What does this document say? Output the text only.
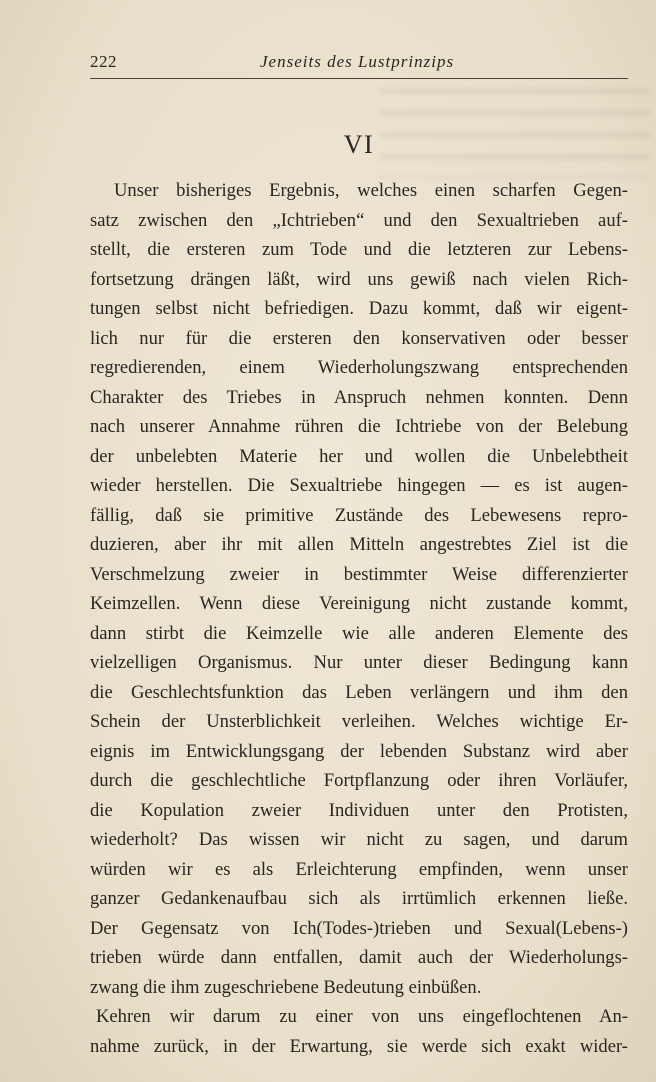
222	Jenseits des Lustprinzips
VI
Unser bisheriges Ergebnis, welches einen scharfen Gegen-
satz zwischen den „Ichtrieben“ und den Sexualtrieben auf-
stellt, die ersteren zum Tode und die letzteren zur Lebens-
fortsetzung drängen läßt, wird uns gewiß nach vielen Rich-
tungen selbst nicht befriedigen. Dazu kommt, daß wir eigent-
lich nur für die ersteren den konservativen oder besser
regredierenden, einem Wiederholungszwang entsprechenden
Charakter des Triebes in Anspruch nehmen konnten. Denn
nach unserer Annahme rühren die Ichtriebe von der Belebung
der unbelebten Materie her und wollen die Unbelebtheit
wieder herstellen. Die Sexualtriebe hingegen — es ist augen-
fällig, daß sie primitive Zustände des Lebewesens repro-
duzieren, aber ihr mit allen Mitteln angestrebtes Ziel ist die
Verschmelzung zweier in bestimmter Weise differenzierter
Keimzellen. Wenn diese Vereinigung nicht zustande kommt,
dann stirbt die Keimzelle wie alle anderen Elemente des
vielzelligen Organismus. Nur unter dieser Bedingung kann
die Geschlechtsfunktion das Leben verlängern und ihm den
Schein der Unsterblichkeit verleihen. Welches wichtige Er-
eignis im Entwicklungsgang der lebenden Substanz wird aber
durch die geschlechtliche Fortpflanzung oder ihren Vorläufer,
die Kopulation zweier Individuen unter den Protisten,
wiederholt? Das wissen wir nicht zu sagen, und darum
würden wir es als Erleichterung empfinden, wenn unser
ganzer Gedankenaufbau sich als irrtümlich erkennen ließe.
Der Gegensatz von Ich(Todes-)trieben und Sexual(Lebens-)
trieben würde dann entfallen, damit auch der Wiederholungs-
zwang die ihm zugeschriebene Bedeutung einbüßen.
Kehren wir darum zu einer von uns eingeflochtenen An-
nahme zurück, in der Erwartung, sie werde sich exakt wider-
